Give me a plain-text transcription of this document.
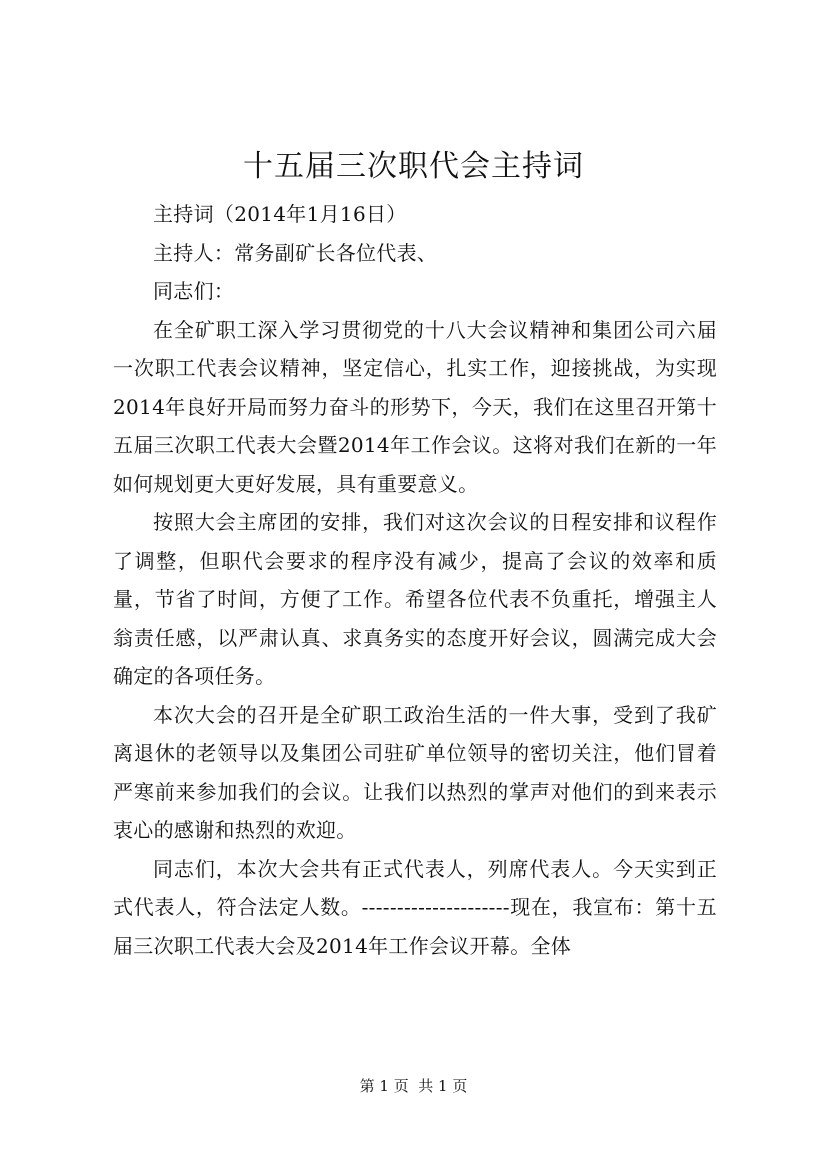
十五届三次职代会主持词

主持词（2014年1月16日）

主持人：常务副矿长各位代表、

同志们：

在全矿职工深入学习贯彻党的十八大会议精神和集团公司六届一次职工代表会议精神，坚定信心，扎实工作，迎接挑战，为实现2014年良好开局而努力奋斗的形势下，今天，我们在这里召开第十五届三次职工代表大会暨2014年工作会议。这将对我们在新的一年如何规划更大更好发展，具有重要意义。

按照大会主席团的安排，我们对这次会议的日程安排和议程作了调整，但职代会要求的程序没有减少，提高了会议的效率和质量，节省了时间，方便了工作。希望各位代表不负重托，增强主人翁责任感，以严肃认真、求真务实的态度开好会议，圆满完成大会确定的各项任务。

本次大会的召开是全矿职工政治生活的一件大事，受到了我矿离退休的老领导以及集团公司驻矿单位领导的密切关注，他们冒着严寒前来参加我们的会议。让我们以热烈的掌声对他们的到来表示衷心的感谢和热烈的欢迎。

同志们，本次大会共有正式代表人，列席代表人。今天实到正式代表人，符合法定人数。---------------------现在，我宣布：第十五届三次职工代表大会及2014年工作会议开幕。全体

第 1 页  共 1 页
